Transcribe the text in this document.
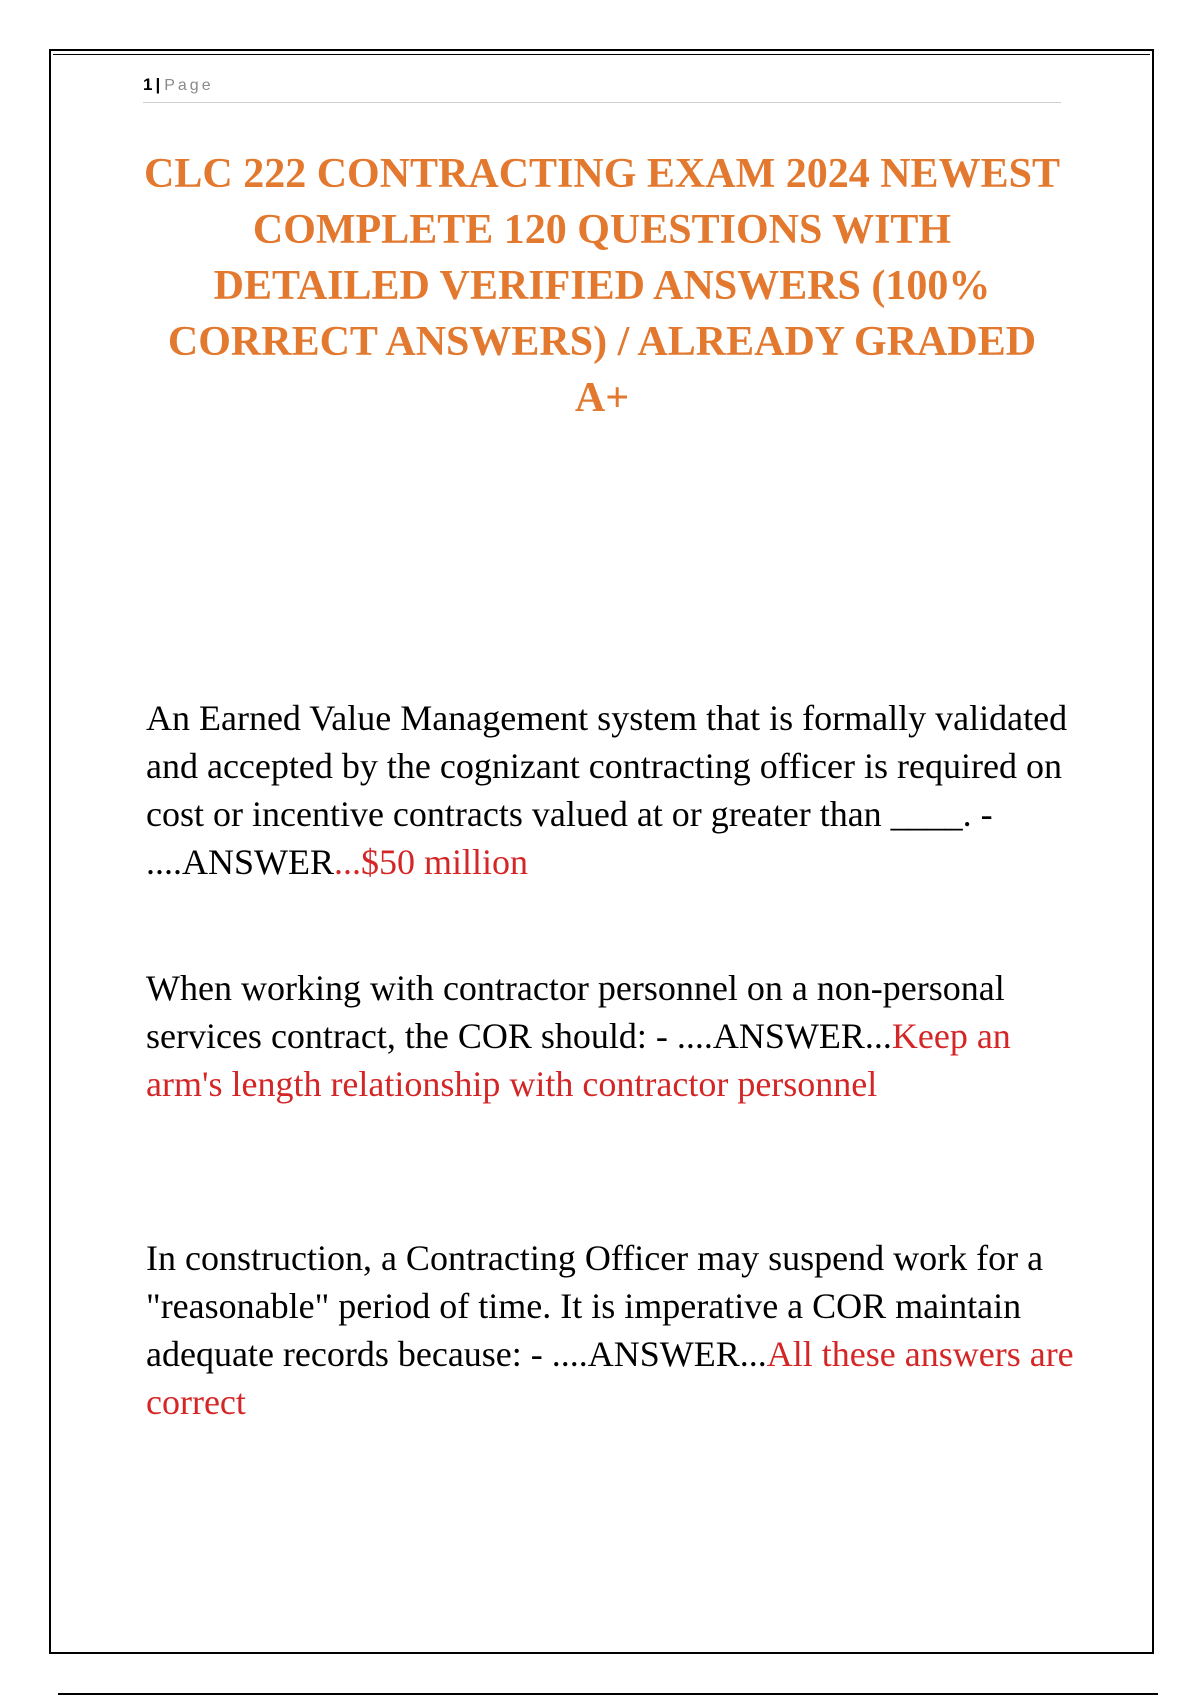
1 | Page
CLC 222 CONTRACTING EXAM 2024 NEWEST COMPLETE 120 QUESTIONS WITH DETAILED VERIFIED ANSWERS (100% CORRECT ANSWERS) / ALREADY GRADED A+

An Earned Value Management system that is formally validated and accepted by the cognizant contracting officer is required on cost or incentive contracts valued at or greater than ____. - ....ANSWER...$50 million

When working with contractor personnel on a non-personal services contract, the COR should: - ....ANSWER...Keep an arm's length relationship with contractor personnel

In construction, a Contracting Officer may suspend work for a "reasonable" period of time. It is imperative a COR maintain adequate records because: - ....ANSWER...All these answers are correct
